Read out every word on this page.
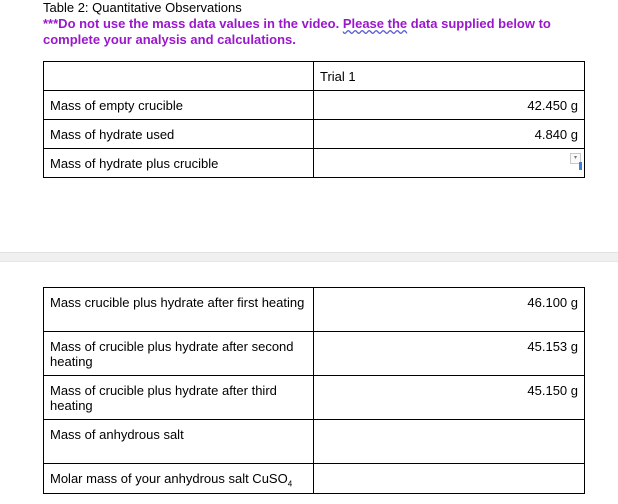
Table 2: Quantitative Observations
***Do not use the mass data values in the video. Please the data supplied below to complete your analysis and calculations.
	Trial 1
Mass of empty crucible	42.450 g
Mass of hydrate used	4.840 g
Mass of hydrate plus crucible	▾
Mass crucible plus hydrate after first heating	46.100 g
Mass of crucible plus hydrate after second heating	45.153 g
Mass of crucible plus hydrate after third heating	45.150 g
Mass of anhydrous salt	
Molar mass of your anhydrous salt CuSO$_4$	
